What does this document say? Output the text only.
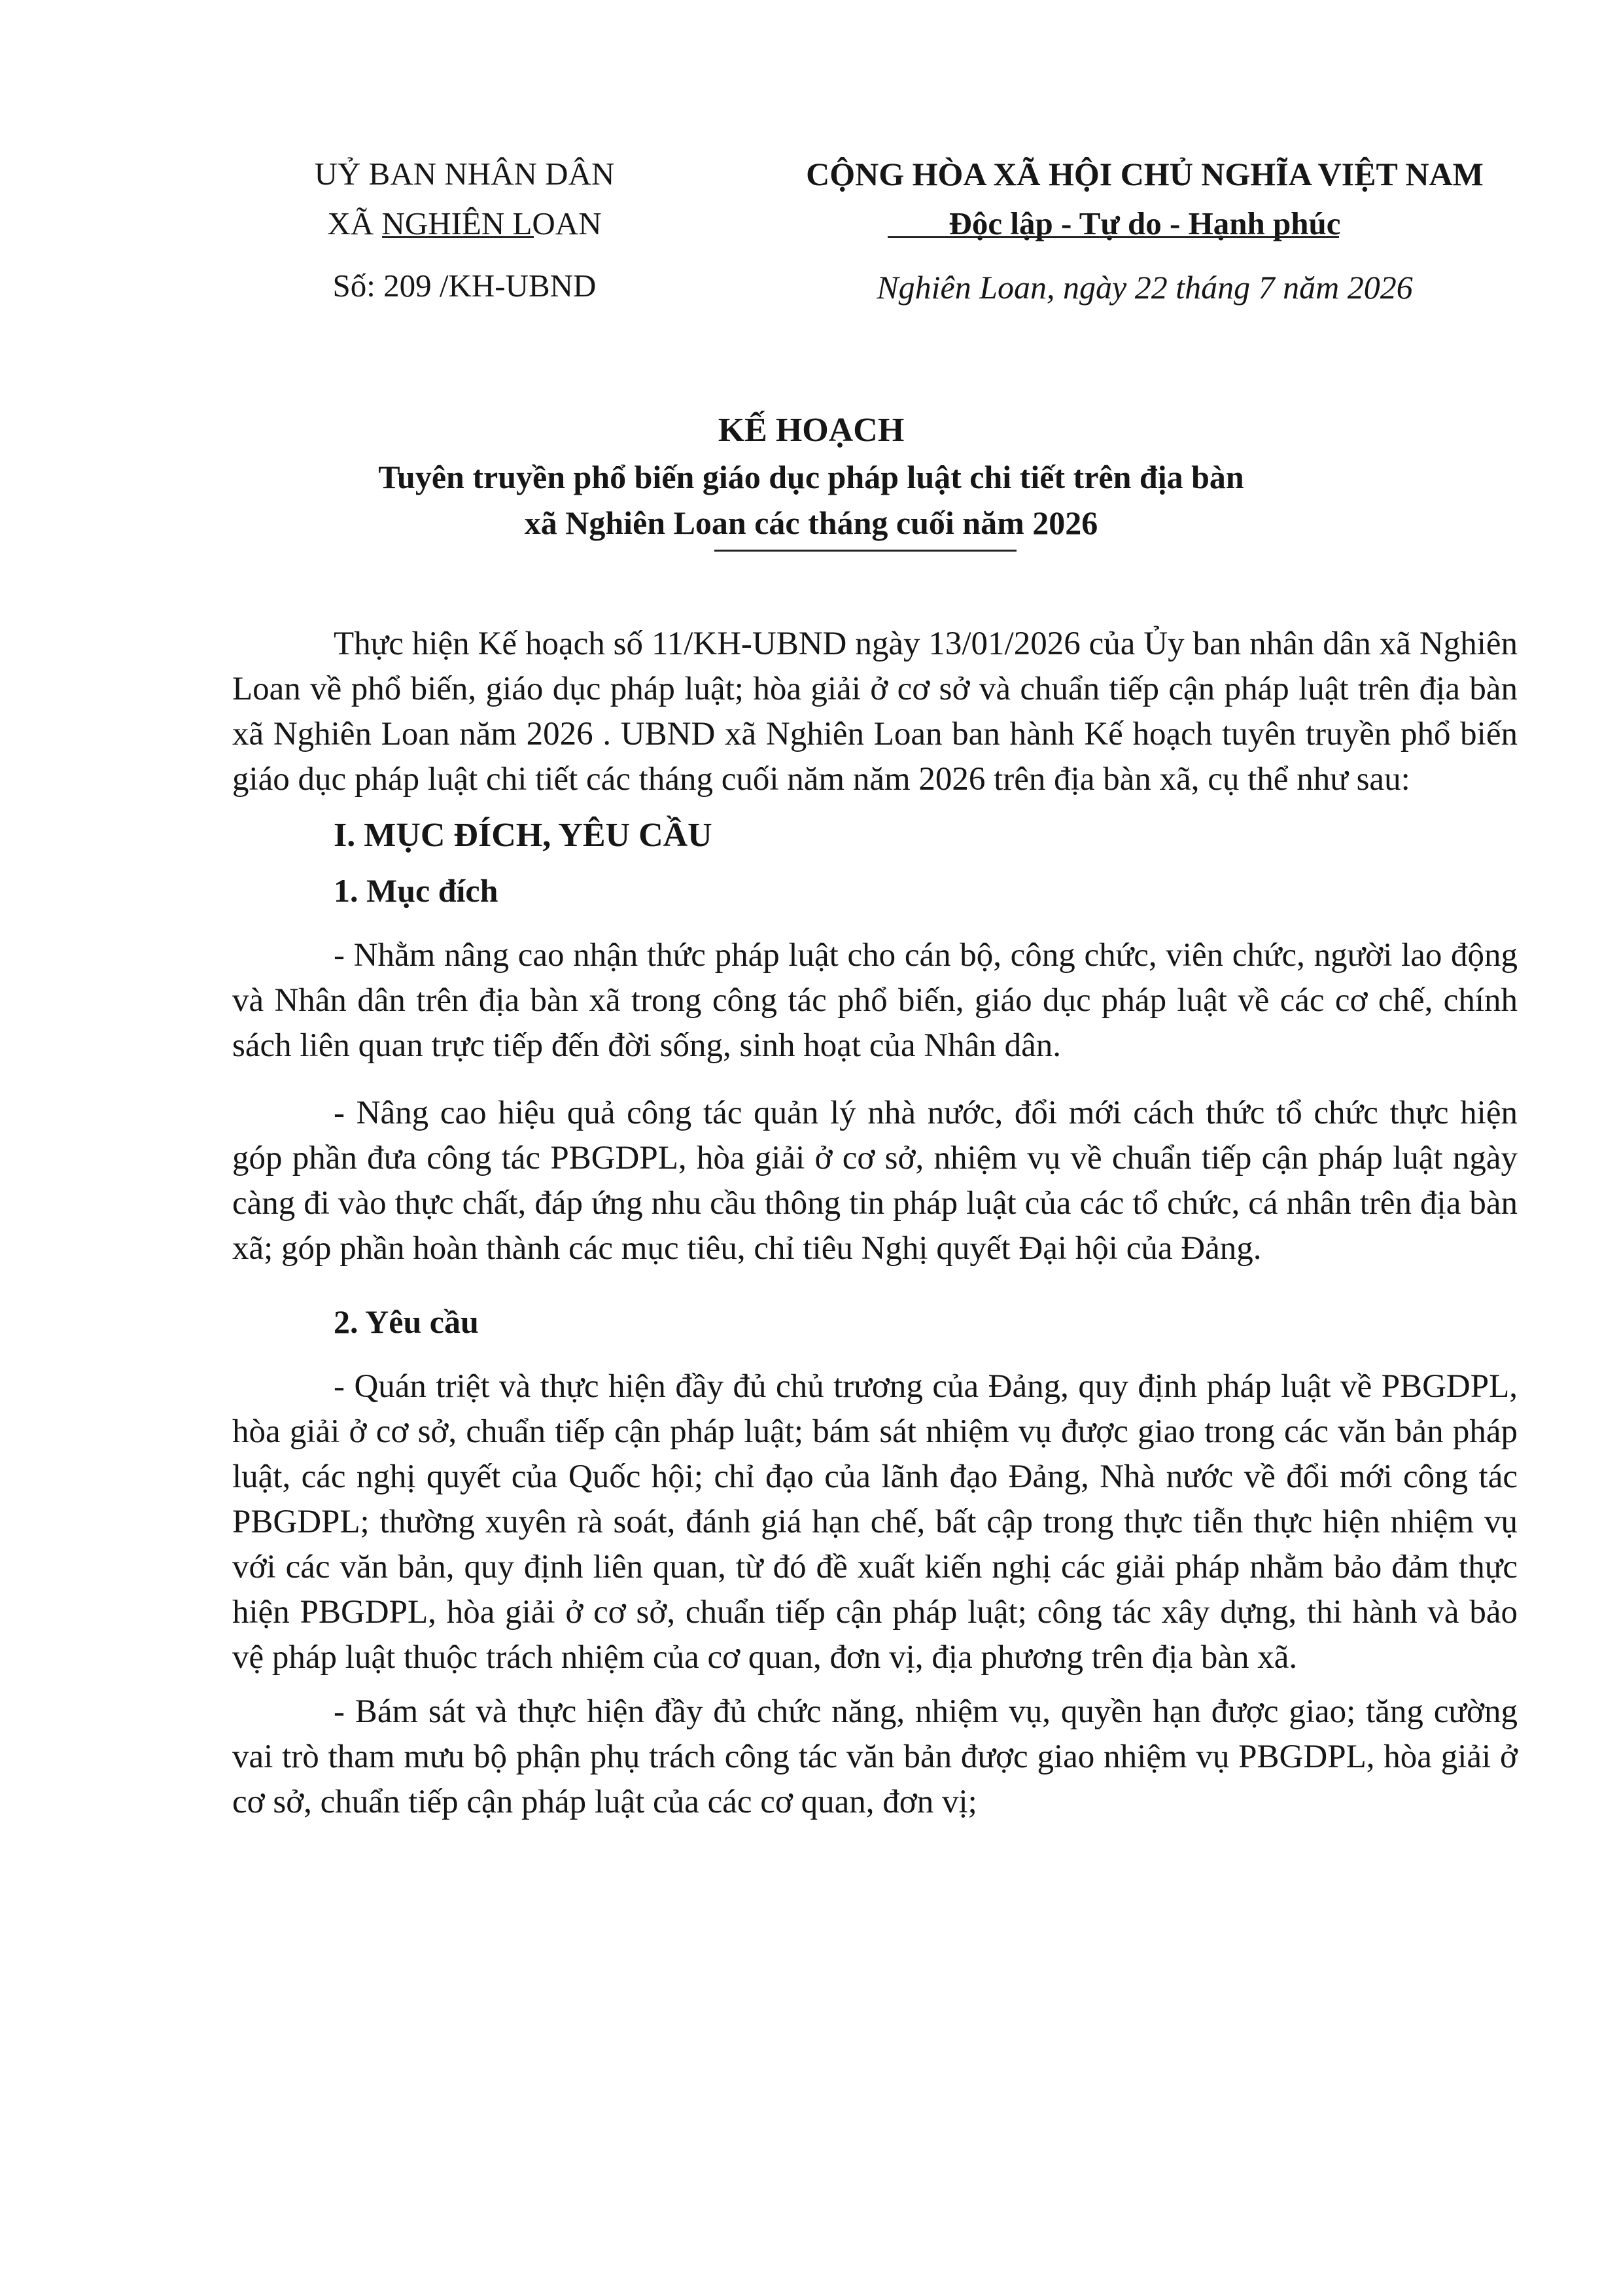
UỶ BAN NHÂN DÂN
XÃ NGHIÊN LOAN
Số: 209 /KH-UBND
CỘNG HÒA XÃ HỘI CHỦ NGHĨA VIỆT NAM
Độc lập - Tự do - Hạnh phúc
Nghiên Loan, ngày 22 tháng 7 năm 2026
KẾ HOẠCH
Tuyên truyền phổ biến giáo dục pháp luật chi tiết trên địa bàn
xã Nghiên Loan các tháng cuối năm 2026

Thực hiện Kế hoạch số 11/KH-UBND ngày 13/01/2026 của Ủy ban nhân dân xã Nghiên Loan về phổ biến, giáo dục pháp luật; hòa giải ở cơ sở và chuẩn tiếp cận pháp luật trên địa bàn xã Nghiên Loan năm 2026 . UBND xã Nghiên Loan ban hành Kế hoạch tuyên truyền phổ biến giáo dục pháp luật chi tiết các tháng cuối năm năm 2026 trên địa bàn xã, cụ thể như sau:

I. MỤC ĐÍCH, YÊU CẦU
1. Mục đích

- Nhằm nâng cao nhận thức pháp luật cho cán bộ, công chức, viên chức, người lao động và Nhân dân trên địa bàn xã trong công tác phổ biến, giáo dục pháp luật về các cơ chế, chính sách liên quan trực tiếp đến đời sống, sinh hoạt của Nhân dân.

- Nâng cao hiệu quả công tác quản lý nhà nước, đổi mới cách thức tổ chức thực hiện góp phần đưa công tác PBGDPL, hòa giải ở cơ sở, nhiệm vụ về chuẩn tiếp cận pháp luật ngày càng đi vào thực chất, đáp ứng nhu cầu thông tin pháp luật của các tổ chức, cá nhân trên địa bàn xã; góp phần hoàn thành các mục tiêu, chỉ tiêu Nghị quyết Đại hội của Đảng.

2. Yêu cầu

- Quán triệt và thực hiện đầy đủ chủ trương của Đảng, quy định pháp luật về PBGDPL, hòa giải ở cơ sở, chuẩn tiếp cận pháp luật; bám sát nhiệm vụ được giao trong các văn bản pháp luật, các nghị quyết của Quốc hội; chỉ đạo của lãnh đạo Đảng, Nhà nước về đổi mới công tác PBGDPL; thường xuyên rà soát, đánh giá hạn chế, bất cập trong thực tiễn thực hiện nhiệm vụ với các văn bản, quy định liên quan, từ đó đề xuất kiến nghị các giải pháp nhằm bảo đảm thực hiện PBGDPL, hòa giải ở cơ sở, chuẩn tiếp cận pháp luật; công tác xây dựng, thi hành và bảo vệ pháp luật thuộc trách nhiệm của cơ quan, đơn vị, địa phương trên địa bàn xã.

- Bám sát và thực hiện đầy đủ chức năng, nhiệm vụ, quyền hạn được giao; tăng cường vai trò tham mưu bộ phận phụ trách công tác văn bản được giao nhiệm vụ PBGDPL, hòa giải ở cơ sở, chuẩn tiếp cận pháp luật của các cơ quan, đơn vị;
